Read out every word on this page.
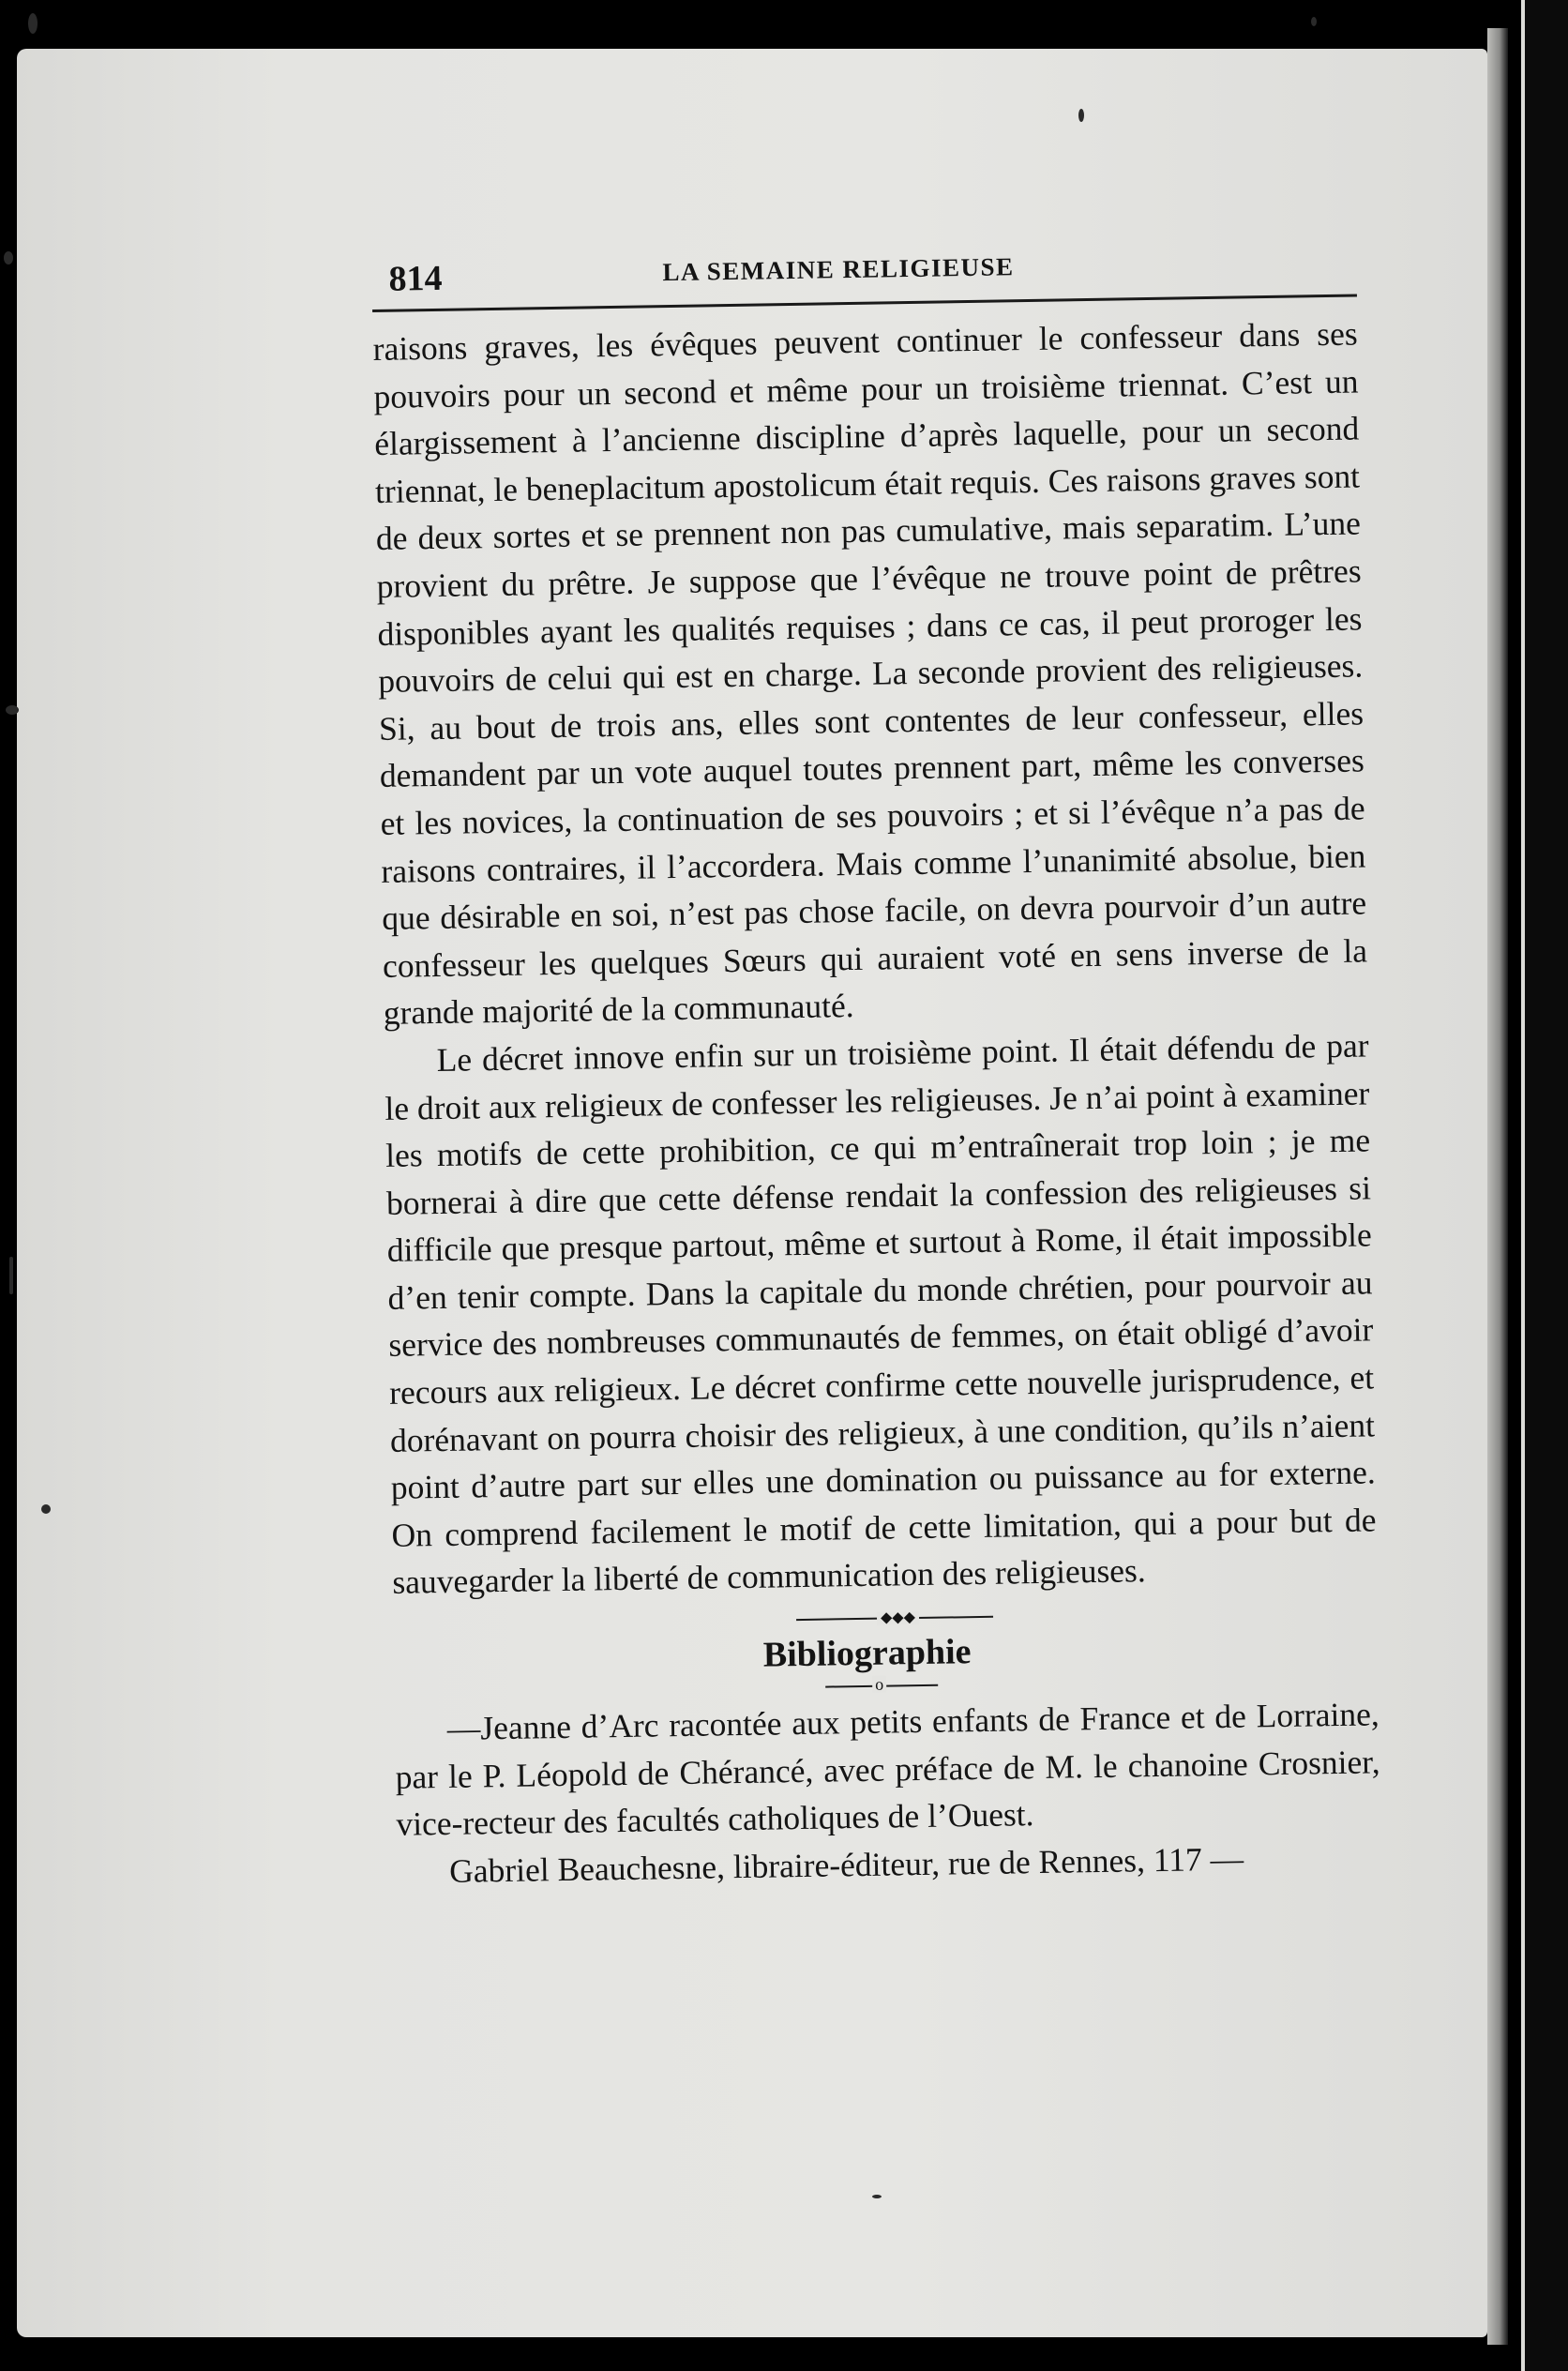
814	LA SEMAINE RELIGIEUSE

raisons graves, les évêques peuvent continuer le confesseur dans ses pouvoirs pour un second et même pour un troisième triennat. C’est un élargissement à l’ancienne discipline d’après laquelle, pour un second triennat, le beneplacitum apostolicum était requis. Ces raisons graves sont de deux sortes et se prennent non pas cumulative, mais separatim. L’une provient du prêtre. Je suppose que l’évêque ne trouve point de prêtres disponibles ayant les qualités requises ; dans ce cas, il peut proroger les pouvoirs de celui qui est en charge. La seconde provient des religieuses. Si, au bout de trois ans, elles sont contentes de leur confesseur, elles demandent par un vote auquel toutes prennent part, même les converses et les novices, la continuation de ses pouvoirs ; et si l’évêque n’a pas de raisons contraires, il l’accordera. Mais comme l’unanimité absolue, bien que désirable en soi, n’est pas chose facile, on devra pourvoir d’un autre confesseur les quelques Sœurs qui auraient voté en sens inverse de la grande majorité de la communauté.

Le décret innove enfin sur un troisième point. Il était défendu de par le droit aux religieux de confesser les religieuses. Je n’ai point à examiner les motifs de cette prohibition, ce qui m’entraînerait trop loin ; je me bornerai à dire que cette défense rendait la confession des religieuses si difficile que presque partout, même et surtout à Rome, il était impossible d’en tenir compte. Dans la capitale du monde chrétien, pour pourvoir au service des nombreuses communautés de femmes, on était obligé d’avoir recours aux religieux. Le décret confirme cette nouvelle jurisprudence, et dorénavant on pourra choisir des religieux, à une condition, qu’ils n’aient point d’autre part sur elles une domination ou puissance au for externe. On comprend facilement le motif de cette limitation, qui a pour but de sauvegarder la liberté de communication des religieuses.

◆◆◆
Bibliographie
o

—Jeanne d’Arc racontée aux petits enfants de France et de Lorraine, par le P. Léopold de Chérancé, avec préface de M. le chanoine Crosnier, vice-recteur des facultés catholiques de l’Ouest.

Gabriel Beauchesne, libraire-éditeur, rue de Rennes, 117 —
